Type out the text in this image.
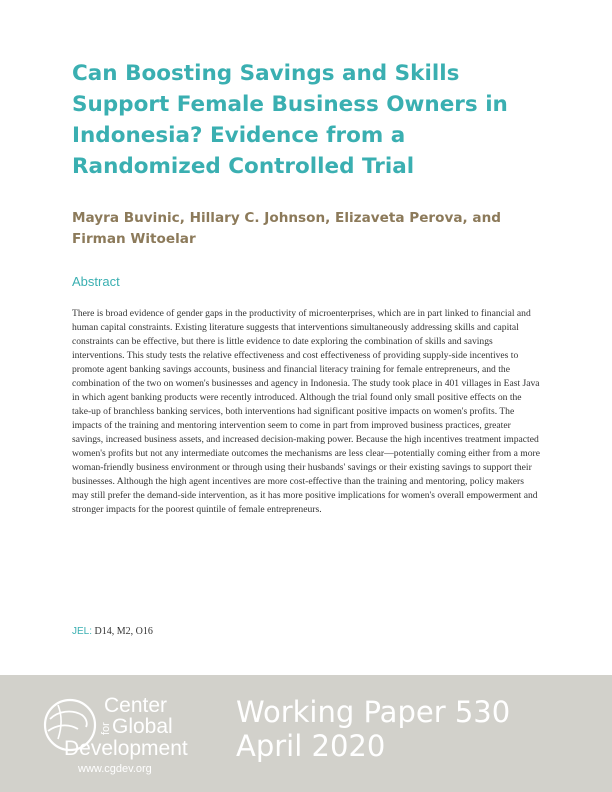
Can Boosting Savings and Skills Support Female Business Owners in Indonesia? Evidence from a Randomized Controlled Trial
Mayra Buvinic, Hillary C. Johnson, Elizaveta Perova, and Firman Witoelar
Abstract

There is broad evidence of gender gaps in the productivity of microenterprises, which are in part linked to financial and human capital constraints. Existing literature suggests that interventions simultaneously addressing skills and capital constraints can be effective, but there is little evidence to date exploring the combination of skills and savings interventions. This study tests the relative effectiveness and cost effectiveness of providing supply-side incentives to promote agent banking savings accounts, business and financial literacy training for female entrepreneurs, and the combination of the two on women's businesses and agency in Indonesia. The study took place in 401 villages in East Java in which agent banking products were recently introduced. Although the trial found only small positive effects on the take-up of branchless banking services, both interventions had significant positive impacts on women's profits. The impacts of the training and mentoring intervention seem to come in part from improved business practices, greater savings, increased business assets, and increased decision-making power. Because the high incentives treatment impacted women's profits but not any intermediate outcomes the mechanisms are less clear—potentially coming either from a more woman-friendly business environment or through using their husbands' savings or their existing savings to support their businesses. Although the high agent incentives are more cost-effective than the training and mentoring, policy makers may still prefer the demand-side intervention, as it has more positive implications for women's overall empowerment and stronger impacts for the poorest quintile of female entrepreneurs.

JEL: D14, M2, O16

Center
for Global
Development
www.cgdev.org
Working Paper 530
April 2020
